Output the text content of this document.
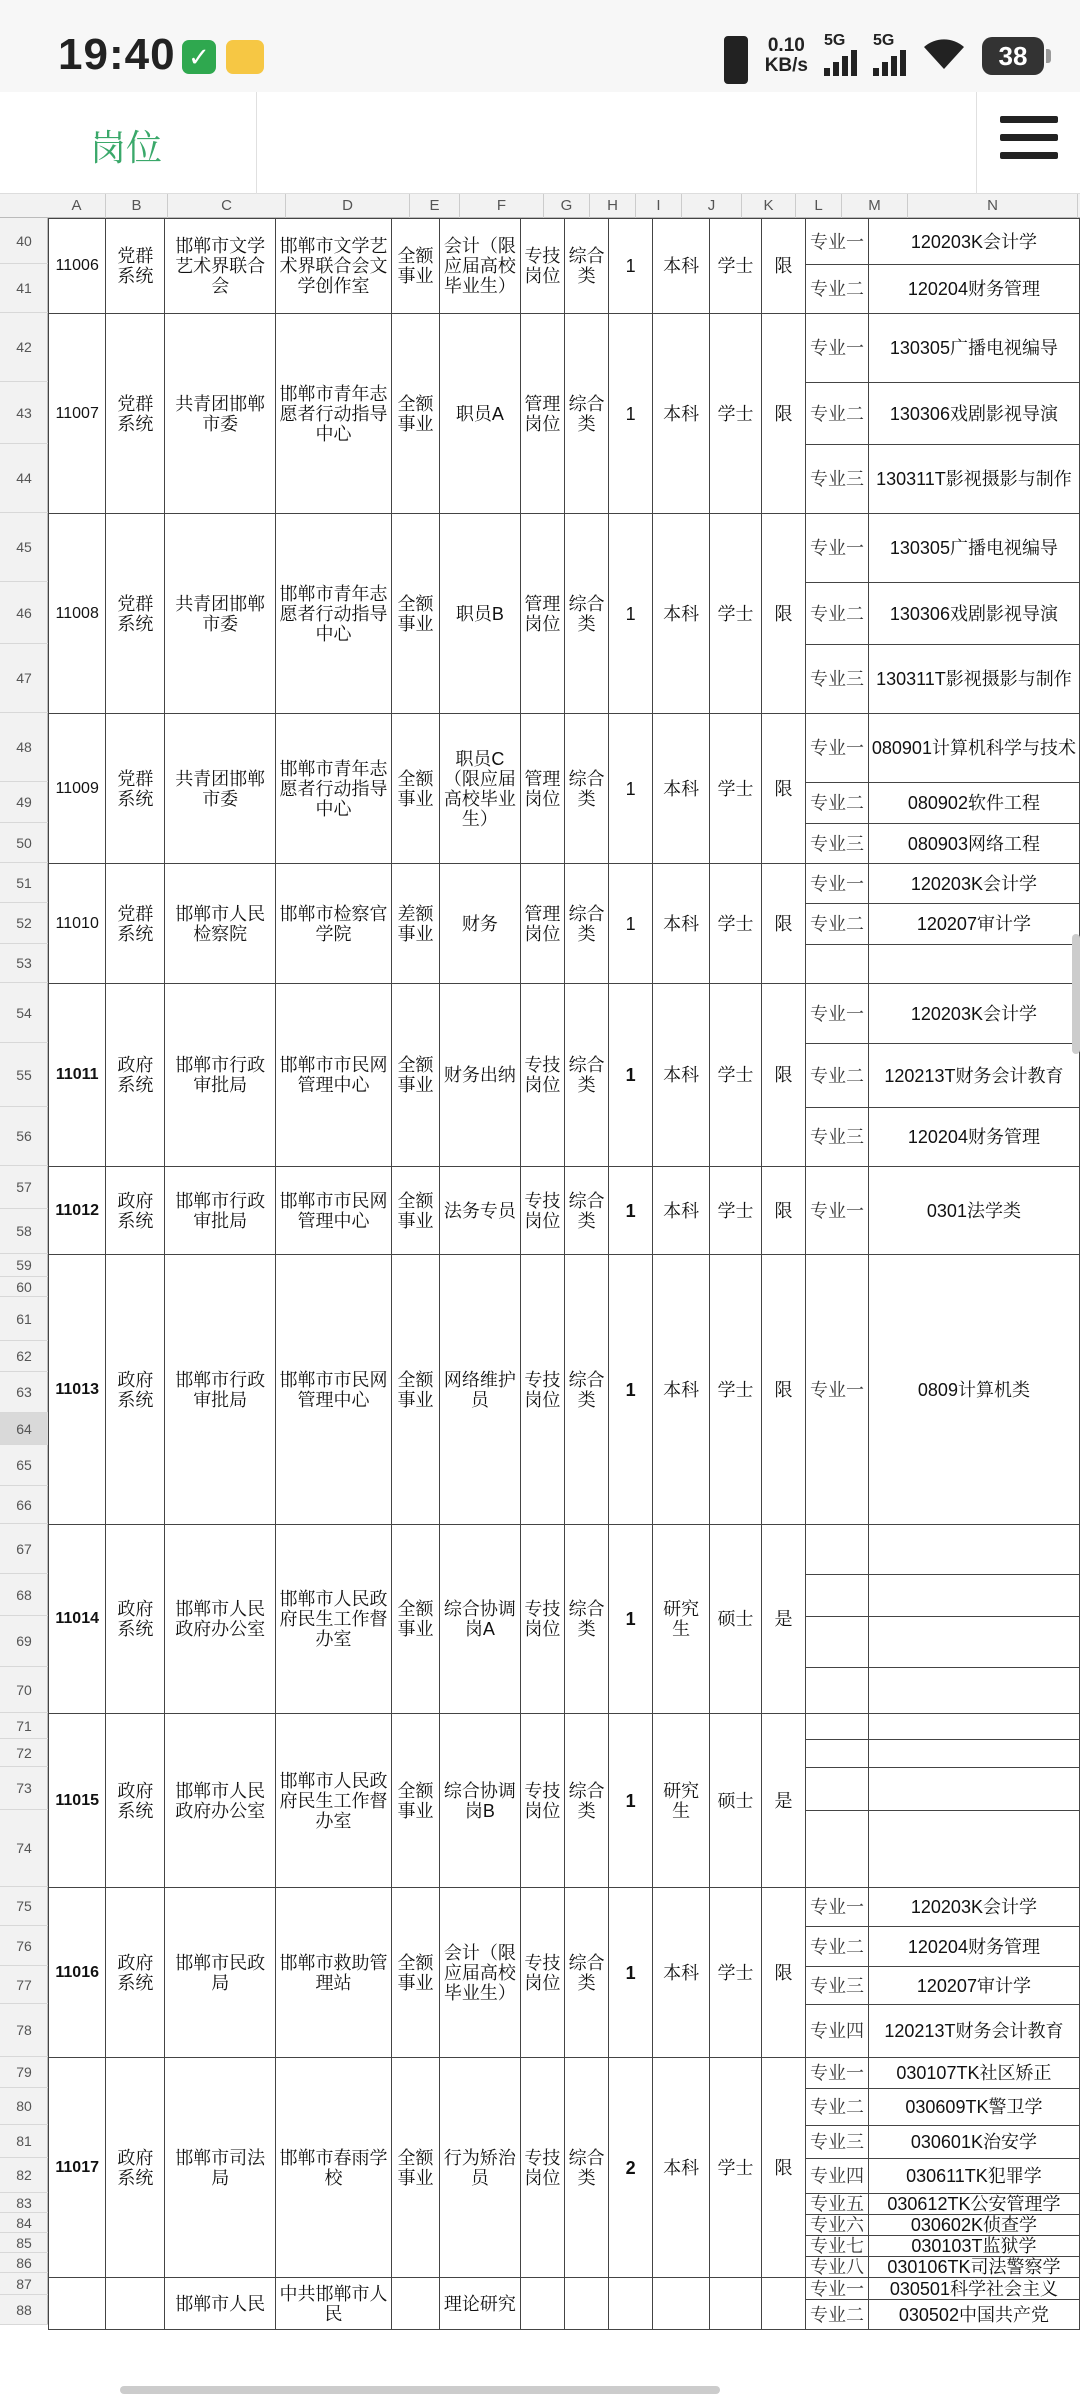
19:40 ✓	0.10
KB/s
5G 5G
38
岗位
A	B	C	D	E	F	G	H	I	J	K	L	M	N
40
41
42
43
44
45
46
47
48
49
50
51
52
53
54
55
56
57
58
59
60
61
62
63
64
65
66
67
68
69
70
71
72
73
74
75
76
77
78
79
80
81
82
83
84
85
86
87
88
11006	党群系统	邯郸市文学艺术界联合会	邯郸市文学艺术界联合会文学创作室	全额事业	会计（限应届高校毕业生）	专技岗位	综合类	1	本科	学士	限	专业一	120203K会计学
												专业二	120204财务管理
11007	党群系统	共青团邯郸市委	邯郸市青年志愿者行动指导中心	全额事业	职员A	管理岗位	综合类	1	本科	学士	限	专业一	130305广播电视编导
												专业二	130306戏剧影视导演
												专业三	130311T影视摄影与制作
11008	党群系统	共青团邯郸市委	邯郸市青年志愿者行动指导中心	全额事业	职员B	管理岗位	综合类	1	本科	学士	限	专业一	130305广播电视编导
												专业二	130306戏剧影视导演
												专业三	130311T影视摄影与制作
11009	党群系统	共青团邯郸市委	邯郸市青年志愿者行动指导中心	全额事业	职员C（限应届高校毕业生）	管理岗位	综合类	1	本科	学士	限	专业一	080901计算机科学与技术
												专业二	080902软件工程
												专业三	080903网络工程
11010	党群系统	邯郸市人民检察院	邯郸市检察官学院	差额事业	财务	管理岗位	综合类	1	本科	学士	限	专业一	120203K会计学
												专业二	120207审计学

11011	政府系统	邯郸市行政审批局	邯郸市市民网管理中心	全额事业	财务出纳	专技岗位	综合类	1	本科	学士	限	专业一	120203K会计学
												专业二	120213T财务会计教育
												专业三	120204财务管理
11012	政府系统	邯郸市行政审批局	邯郸市市民网管理中心	全额事业	法务专员	专技岗位	综合类	1	本科	学士	限	专业一	0301法学类

11013	政府系统	邯郸市行政审批局	邯郸市市民网管理中心	全额事业	网络维护员	专技岗位	综合类	1	本科	学士	限	专业一	0809计算机类

11014	政府系统	邯郸市人民政府办公室	邯郸市人民政府民生工作督办室	全额事业	综合协调岗A	专技岗位	综合类	1	研究生	硕士	是		

11015	政府系统	邯郸市人民政府办公室	邯郸市人民政府民生工作督办室	全额事业	综合协调岗B	专技岗位	综合类	1	研究生	硕士	是		

11016	政府系统	邯郸市民政局	邯郸市救助管理站	全额事业	会计（限应届高校毕业生）	专技岗位	综合类	1	本科	学士	限	专业一	120203K会计学
												专业二	120204财务管理
												专业三	120207审计学
												专业四	120213T财务会计教育
11017	政府系统	邯郸市司法局	邯郸市春雨学校	全额事业	行为矫治员	专技岗位	综合类	2	本科	学士	限	专业一	030107TK社区矫正
												专业二	030609TK警卫学
												专业三	030601K治安学
												专业四	030611TK犯罪学
												专业五	030612TK公安管理学
												专业六	030602K侦查学
												专业七	030103T监狱学
												专业八	030106TK司法警察学
		邯郸市人民	中共邯郸市人民		理论研究							专业一	030501科学社会主义
												专业二	030502中国共产党
